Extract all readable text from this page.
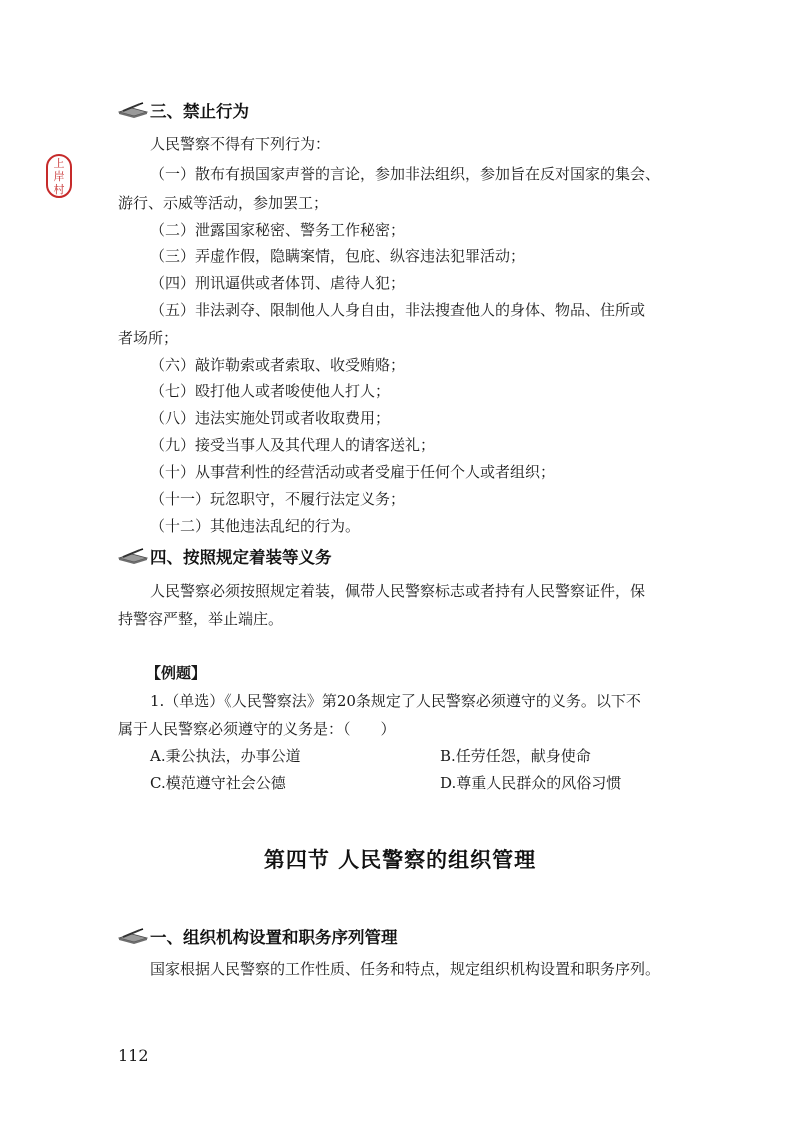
上
岸
村
三、禁止行为
人民警察不得有下列行为：
（一）散布有损国家声誉的言论，参加非法组织，参加旨在反对国家的集会、
游行、示威等活动，参加罢工；
（二）泄露国家秘密、警务工作秘密；
（三）弄虚作假，隐瞒案情，包庇、纵容违法犯罪活动；
（四）刑讯逼供或者体罚、虐待人犯；
（五）非法剥夺、限制他人人身自由，非法搜查他人的身体、物品、住所或
者场所；
（六）敲诈勒索或者索取、收受贿赂；
（七）殴打他人或者唆使他人打人；
（八）违法实施处罚或者收取费用；
（九）接受当事人及其代理人的请客送礼；
（十）从事营利性的经营活动或者受雇于任何个人或者组织；
（十一）玩忽职守，不履行法定义务；
（十二）其他违法乱纪的行为。
四、按照规定着装等义务
人民警察必须按照规定着装，佩带人民警察标志或者持有人民警察证件，保
持警容严整，举止端庄。
【例题】
1.（单选）《人民警察法》第20条规定了人民警察必须遵守的义务。以下不
属于人民警察必须遵守的义务是：（　　）
A.秉公执法，办事公道	B.任劳任怨，献身使命
C.模范遵守社会公德	D.尊重人民群众的风俗习惯
第四节 人民警察的组织管理
一、组织机构设置和职务序列管理
国家根据人民警察的工作性质、任务和特点，规定组织机构设置和职务序列。
112
